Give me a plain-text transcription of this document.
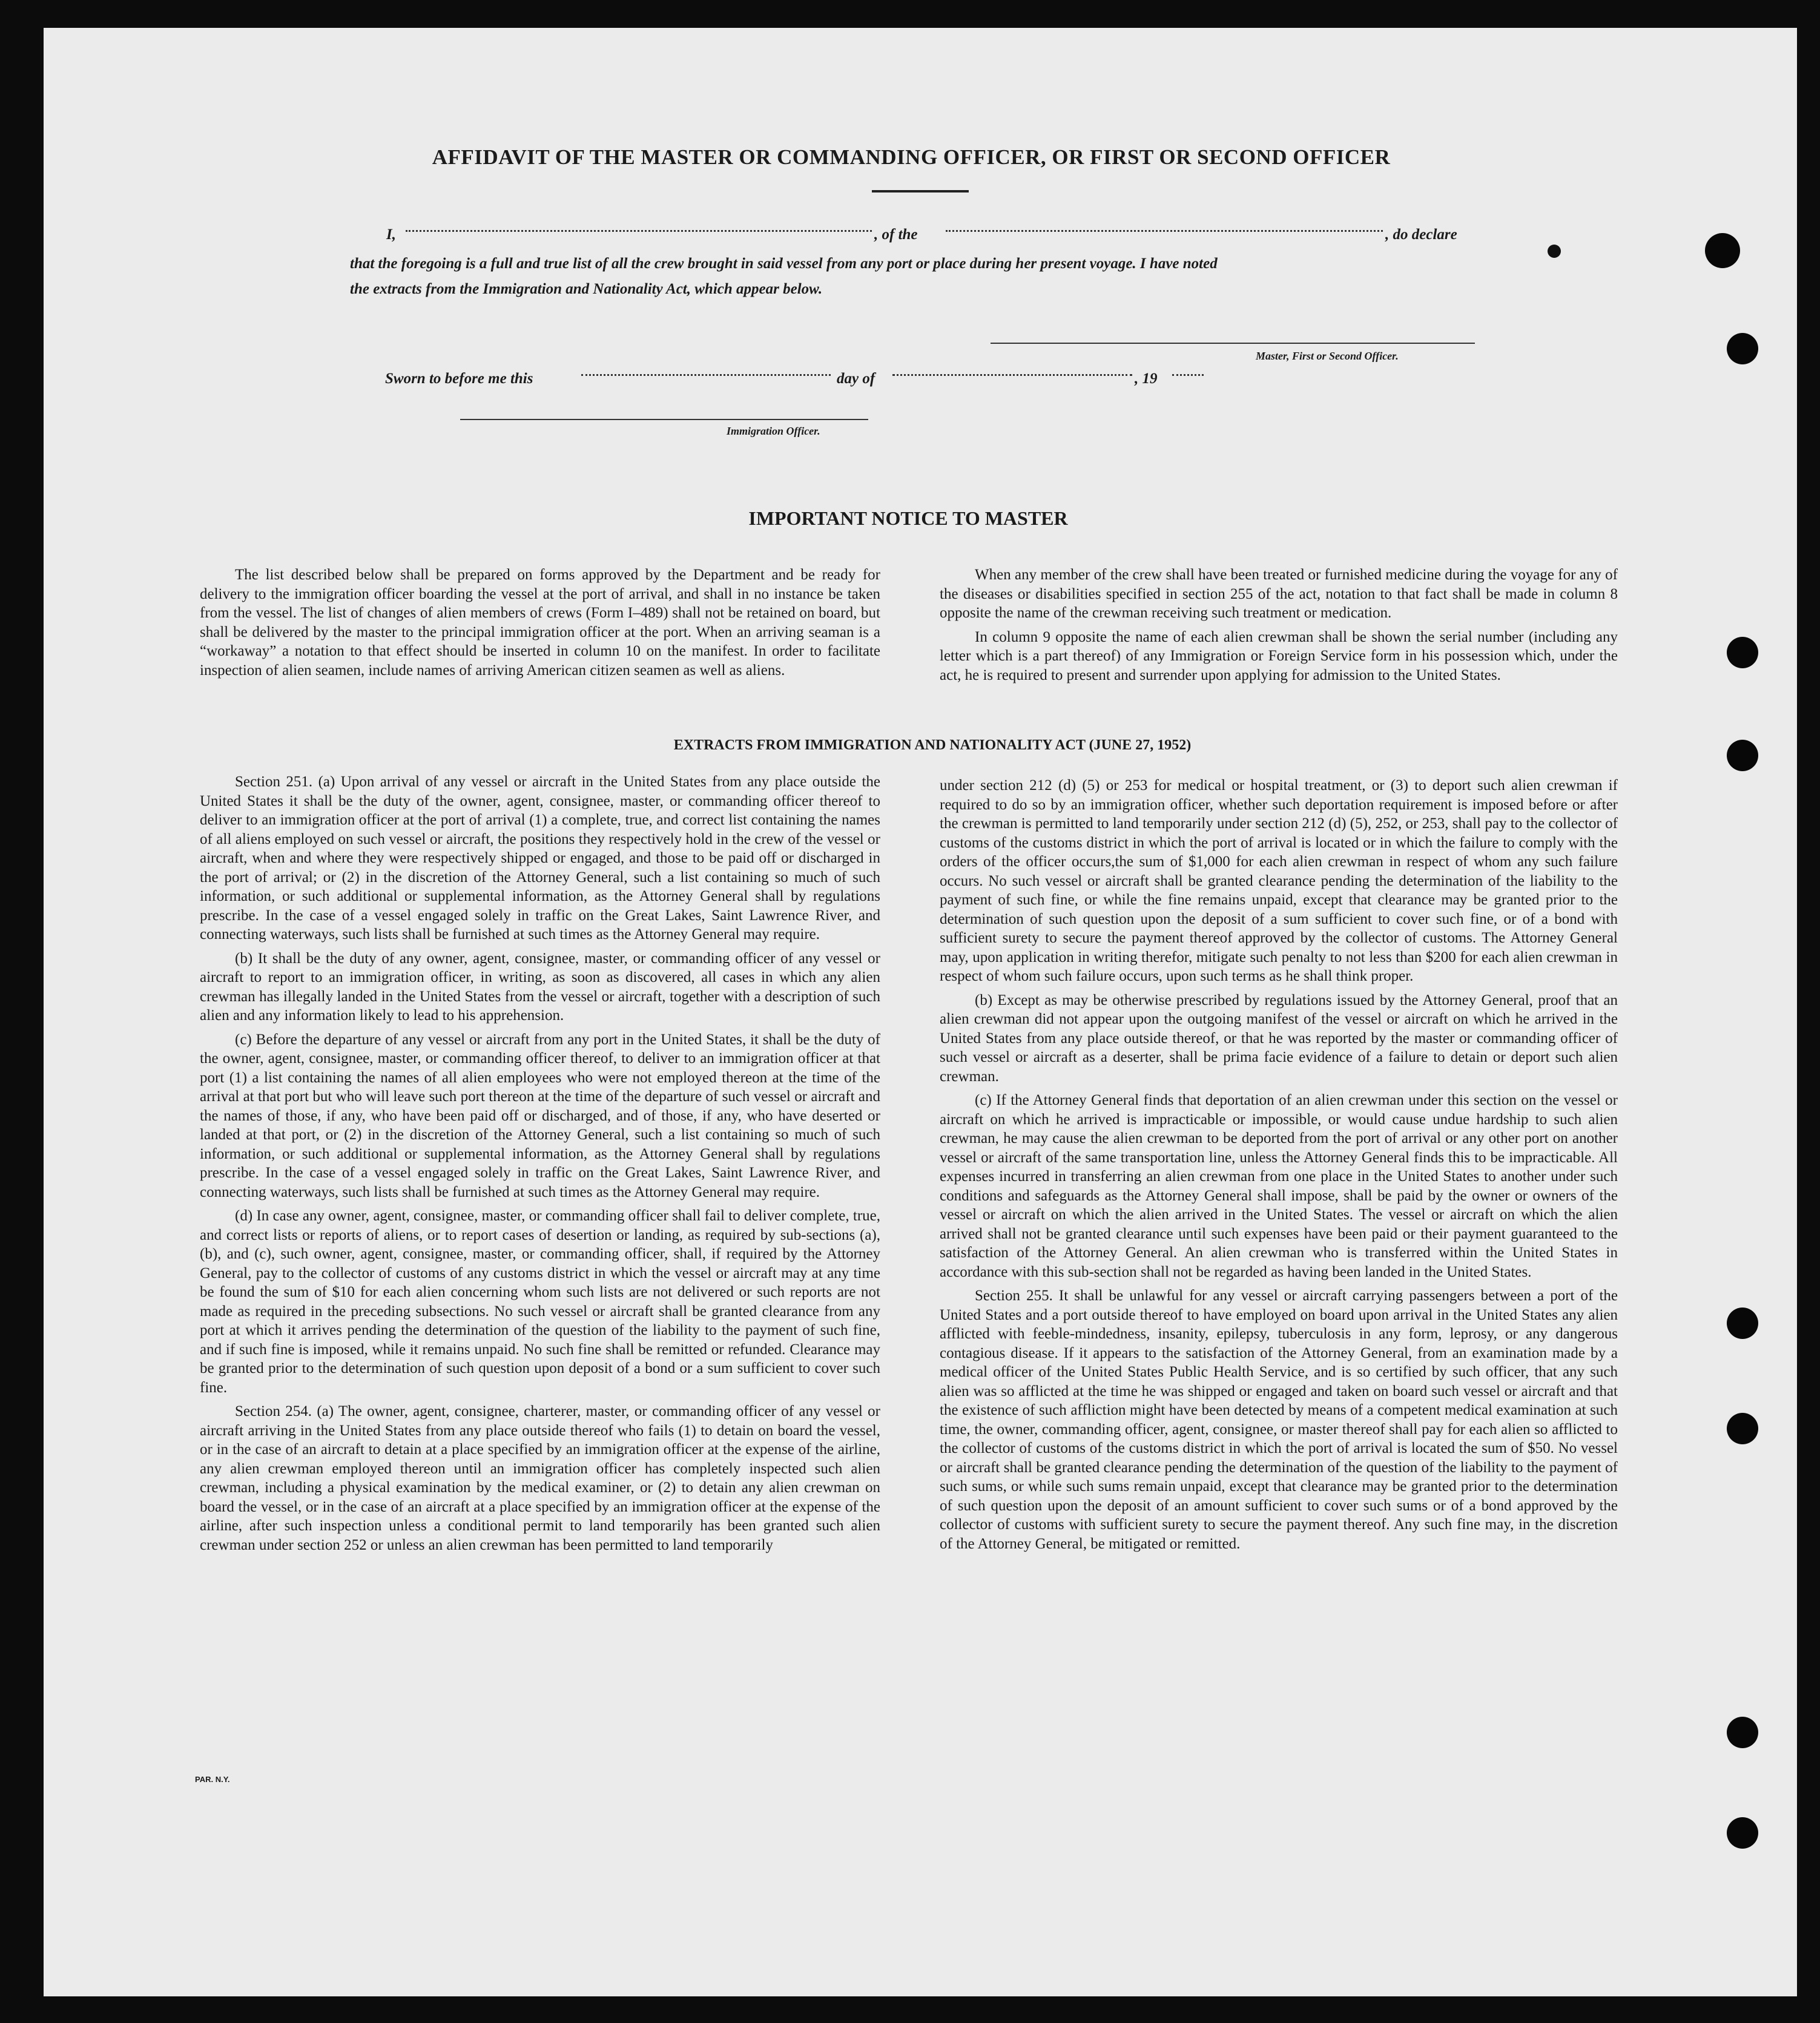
AFFIDAVIT OF THE MASTER OR COMMANDING OFFICER, OR FIRST OR SECOND OFFICER
I,	, of the	, do declare
that the foregoing is a full and true list of all the crew brought in said vessel from any port or place during her present voyage. I have noted
the extracts from the Immigration and Nationality Act, which appear below.
Master, First or Second Officer.
Sworn to before me this	day of	, 19
Immigration Officer.
IMPORTANT NOTICE TO MASTER

The list described below shall be prepared on forms approved by the Department and be ready for delivery to the immigration officer boarding the vessel at the port of arrival, and shall in no instance be taken from the vessel. The list of changes of alien members of crews (Form I–489) shall not be retained on board, but shall be delivered by the master to the principal immigration officer at the port. When an arriving seaman is a “workaway” a notation to that effect should be inserted in column 10 on the manifest. In order to facilitate inspection of alien seamen, include names of arriving American citizen seamen as well as aliens.

When any member of the crew shall have been treated or furnished medicine during the voyage for any of the diseases or disabilities specified in section 255 of the act, notation to that fact shall be made in column 8 opposite the name of the crewman receiving such treatment or medication.

In column 9 opposite the name of each alien crewman shall be shown the serial number (including any letter which is a part thereof) of any Immigration or Foreign Service form in his possession which, under the act, he is required to present and surrender upon applying for admission to the United States.

EXTRACTS FROM IMMIGRATION AND NATIONALITY ACT (JUNE 27, 1952)

Section 251. (a) Upon arrival of any vessel or aircraft in the United States from any place outside the United States it shall be the duty of the owner, agent, consignee, master, or commanding officer thereof to deliver to an immigration officer at the port of arrival (1) a complete, true, and correct list containing the names of all aliens employed on such vessel or aircraft, the positions they respectively hold in the crew of the vessel or aircraft, when and where they were respectively shipped or engaged, and those to be paid off or discharged in the port of arrival; or (2) in the discretion of the Attorney General, such a list containing so much of such information, or such additional or supplemental information, as the Attorney General shall by regulations prescribe. In the case of a vessel engaged solely in traffic on the Great Lakes, Saint Lawrence River, and connecting waterways, such lists shall be furnished at such times as the Attorney General may require.

(b) It shall be the duty of any owner, agent, consignee, master, or commanding officer of any vessel or aircraft to report to an immigration officer, in writing, as soon as discovered, all cases in which any alien crewman has illegally landed in the United States from the vessel or aircraft, together with a description of such alien and any information likely to lead to his apprehension.

(c) Before the departure of any vessel or aircraft from any port in the United States, it shall be the duty of the owner, agent, consignee, master, or commanding officer thereof, to deliver to an immigration officer at that port (1) a list containing the names of all alien employees who were not employed thereon at the time of the arrival at that port but who will leave such port thereon at the time of the departure of such vessel or aircraft and the names of those, if any, who have been paid off or discharged, and of those, if any, who have deserted or landed at that port, or (2) in the discretion of the Attorney General, such a list containing so much of such information, or such additional or supplemental information, as the Attorney General shall by regulations prescribe. In the case of a vessel engaged solely in traffic on the Great Lakes, Saint Lawrence River, and connecting waterways, such lists shall be furnished at such times as the Attorney General may require.

(d) In case any owner, agent, consignee, master, or commanding officer shall fail to deliver complete, true, and correct lists or reports of aliens, or to report cases of desertion or landing, as required by sub-sections (a), (b), and (c), such owner, agent, consignee, master, or commanding officer, shall, if required by the Attorney General, pay to the collector of customs of any customs district in which the vessel or aircraft may at any time be found the sum of $10 for each alien concerning whom such lists are not delivered or such reports are not made as required in the preceding subsections. No such vessel or aircraft shall be granted clearance from any port at which it arrives pending the determination of the question of the liability to the payment of such fine, and if such fine is imposed, while it remains unpaid. No such fine shall be remitted or refunded. Clearance may be granted prior to the determination of such question upon deposit of a bond or a sum sufficient to cover such fine.

Section 254. (a) The owner, agent, consignee, charterer, master, or commanding officer of any vessel or aircraft arriving in the United States from any place outside thereof who fails (1) to detain on board the vessel, or in the case of an aircraft to detain at a place specified by an immigration officer at the expense of the airline, any alien crewman employed thereon until an immigration officer has completely inspected such alien crewman, including a physical examination by the medical examiner, or (2) to detain any alien crewman on board the vessel, or in the case of an aircraft at a place specified by an immigration officer at the expense of the airline, after such inspection unless a conditional permit to land temporarily has been granted such alien crewman under section 252 or unless an alien crewman has been permitted to land temporarily

under section 212 (d) (5) or 253 for medical or hospital treatment, or (3) to deport such alien crewman if required to do so by an immigration officer, whether such deportation requirement is imposed before or after the crewman is permitted to land temporarily under section 212 (d) (5), 252, or 253, shall pay to the collector of customs of the customs district in which the port of arrival is located or in which the failure to comply with the orders of the officer occurs,the sum of $1,000 for each alien crewman in respect of whom any such failure occurs. No such vessel or aircraft shall be granted clearance pending the determination of the liability to the payment of such fine, or while the fine remains unpaid, except that clearance may be granted prior to the determination of such question upon the deposit of a sum sufficient to cover such fine, or of a bond with sufficient surety to secure the payment thereof approved by the collector of customs. The Attorney General may, upon application in writing therefor, mitigate such penalty to not less than $200 for each alien crewman in respect of whom such failure occurs, upon such terms as he shall think proper.

(b) Except as may be otherwise prescribed by regulations issued by the Attorney General, proof that an alien crewman did not appear upon the outgoing manifest of the vessel or aircraft on which he arrived in the United States from any place outside thereof, or that he was reported by the master or commanding officer of such vessel or aircraft as a deserter, shall be prima facie evidence of a failure to detain or deport such alien crewman.

(c) If the Attorney General finds that deportation of an alien crewman under this section on the vessel or aircraft on which he arrived is impracticable or impossible, or would cause undue hardship to such alien crewman, he may cause the alien crewman to be deported from the port of arrival or any other port on another vessel or aircraft of the same transportation line, unless the Attorney General finds this to be impracticable. All expenses incurred in transferring an alien crewman from one place in the United States to another under such conditions and safeguards as the Attorney General shall impose, shall be paid by the owner or owners of the vessel or aircraft on which the alien arrived in the United States. The vessel or aircraft on which the alien arrived shall not be granted clearance until such expenses have been paid or their payment guaranteed to the satisfaction of the Attorney General. An alien crewman who is transferred within the United States in accordance with this sub-section shall not be regarded as having been landed in the United States.

Section 255. It shall be unlawful for any vessel or aircraft carrying passengers between a port of the United States and a port outside thereof to have employed on board upon arrival in the United States any alien afflicted with feeble-mindedness, insanity, epilepsy, tuberculosis in any form, leprosy, or any dangerous contagious disease. If it appears to the satisfaction of the Attorney General, from an examination made by a medical officer of the United States Public Health Service, and is so certified by such officer, that any such alien was so afflicted at the time he was shipped or engaged and taken on board such vessel or aircraft and that the existence of such affliction might have been detected by means of a competent medical examination at such time, the owner, commanding officer, agent, consignee, or master thereof shall pay for each alien so afflicted to the collector of customs of the customs district in which the port of arrival is located the sum of $50. No vessel or aircraft shall be granted clearance pending the determination of the question of the liability to the payment of such sums, or while such sums remain unpaid, except that clearance may be granted prior to the determination of such question upon the deposit of an amount sufficient to cover such sums or of a bond approved by the collector of customs with sufficient surety to secure the payment thereof. Any such fine may, in the discretion of the Attorney General, be mitigated or remitted.

PAR. N.Y.
